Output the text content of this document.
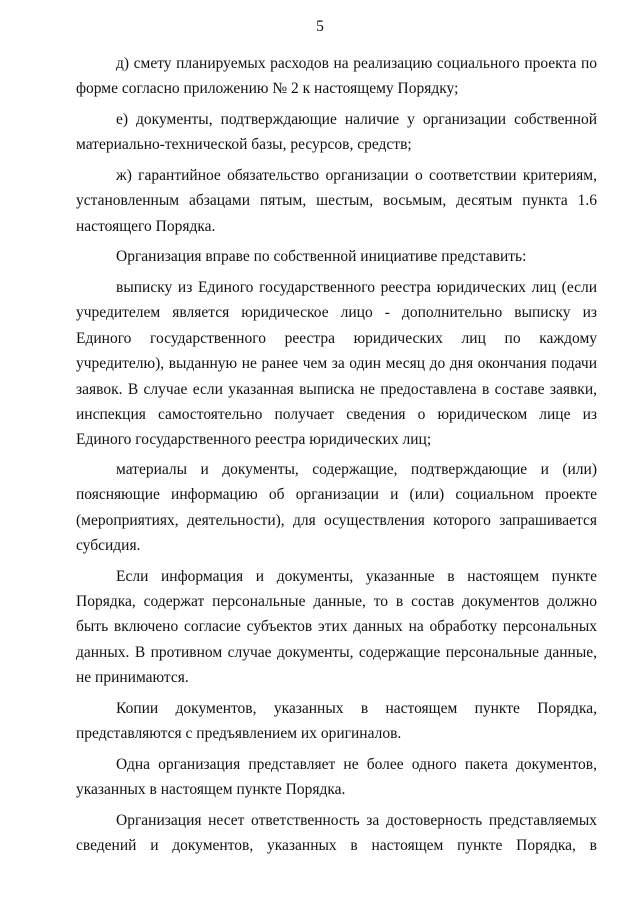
5

д) смету планируемых расходов на реализацию социального проекта по форме согласно приложению № 2 к настоящему Порядку;

е) документы, подтверждающие наличие у организации собственной материально-технической базы, ресурсов, средств;

ж) гарантийное обязательство организации о соответствии критериям, установленным абзацами пятым, шестым, восьмым, десятым пункта 1.6 настоящего Порядка.

Организация вправе по собственной инициативе представить:

выписку из Единого государственного реестра юридических лиц (если учредителем является юридическое лицо - дополнительно выписку из Единого государственного реестра юридических лиц по каждому учредителю), выданную не ранее чем за один месяц до дня окончания подачи заявок. В случае если указанная выписка не предоставлена в составе заявки, инспекция самостоятельно получает сведения о юридическом лице из Единого государственного реестра юридических лиц;

материалы и документы, содержащие, подтверждающие и (или) поясняющие информацию об организации и (или) социальном проекте (мероприятиях, деятельности), для осуществления которого запрашивается субсидия.

Если информация и документы, указанные в настоящем пункте Порядка, содержат персональные данные, то в состав документов должно быть включено согласие субъектов этих данных на обработку персональных данных. В противном случае документы, содержащие персональные данные, не принимаются.

Копии документов, указанных в настоящем пункте Порядка, представляются с предъявлением их оригиналов.

Одна организация представляет не более одного пакета документов, указанных в настоящем пункте Порядка.

Организация несет ответственность за достоверность представляемых сведений и документов, указанных в настоящем пункте Порядка, в
